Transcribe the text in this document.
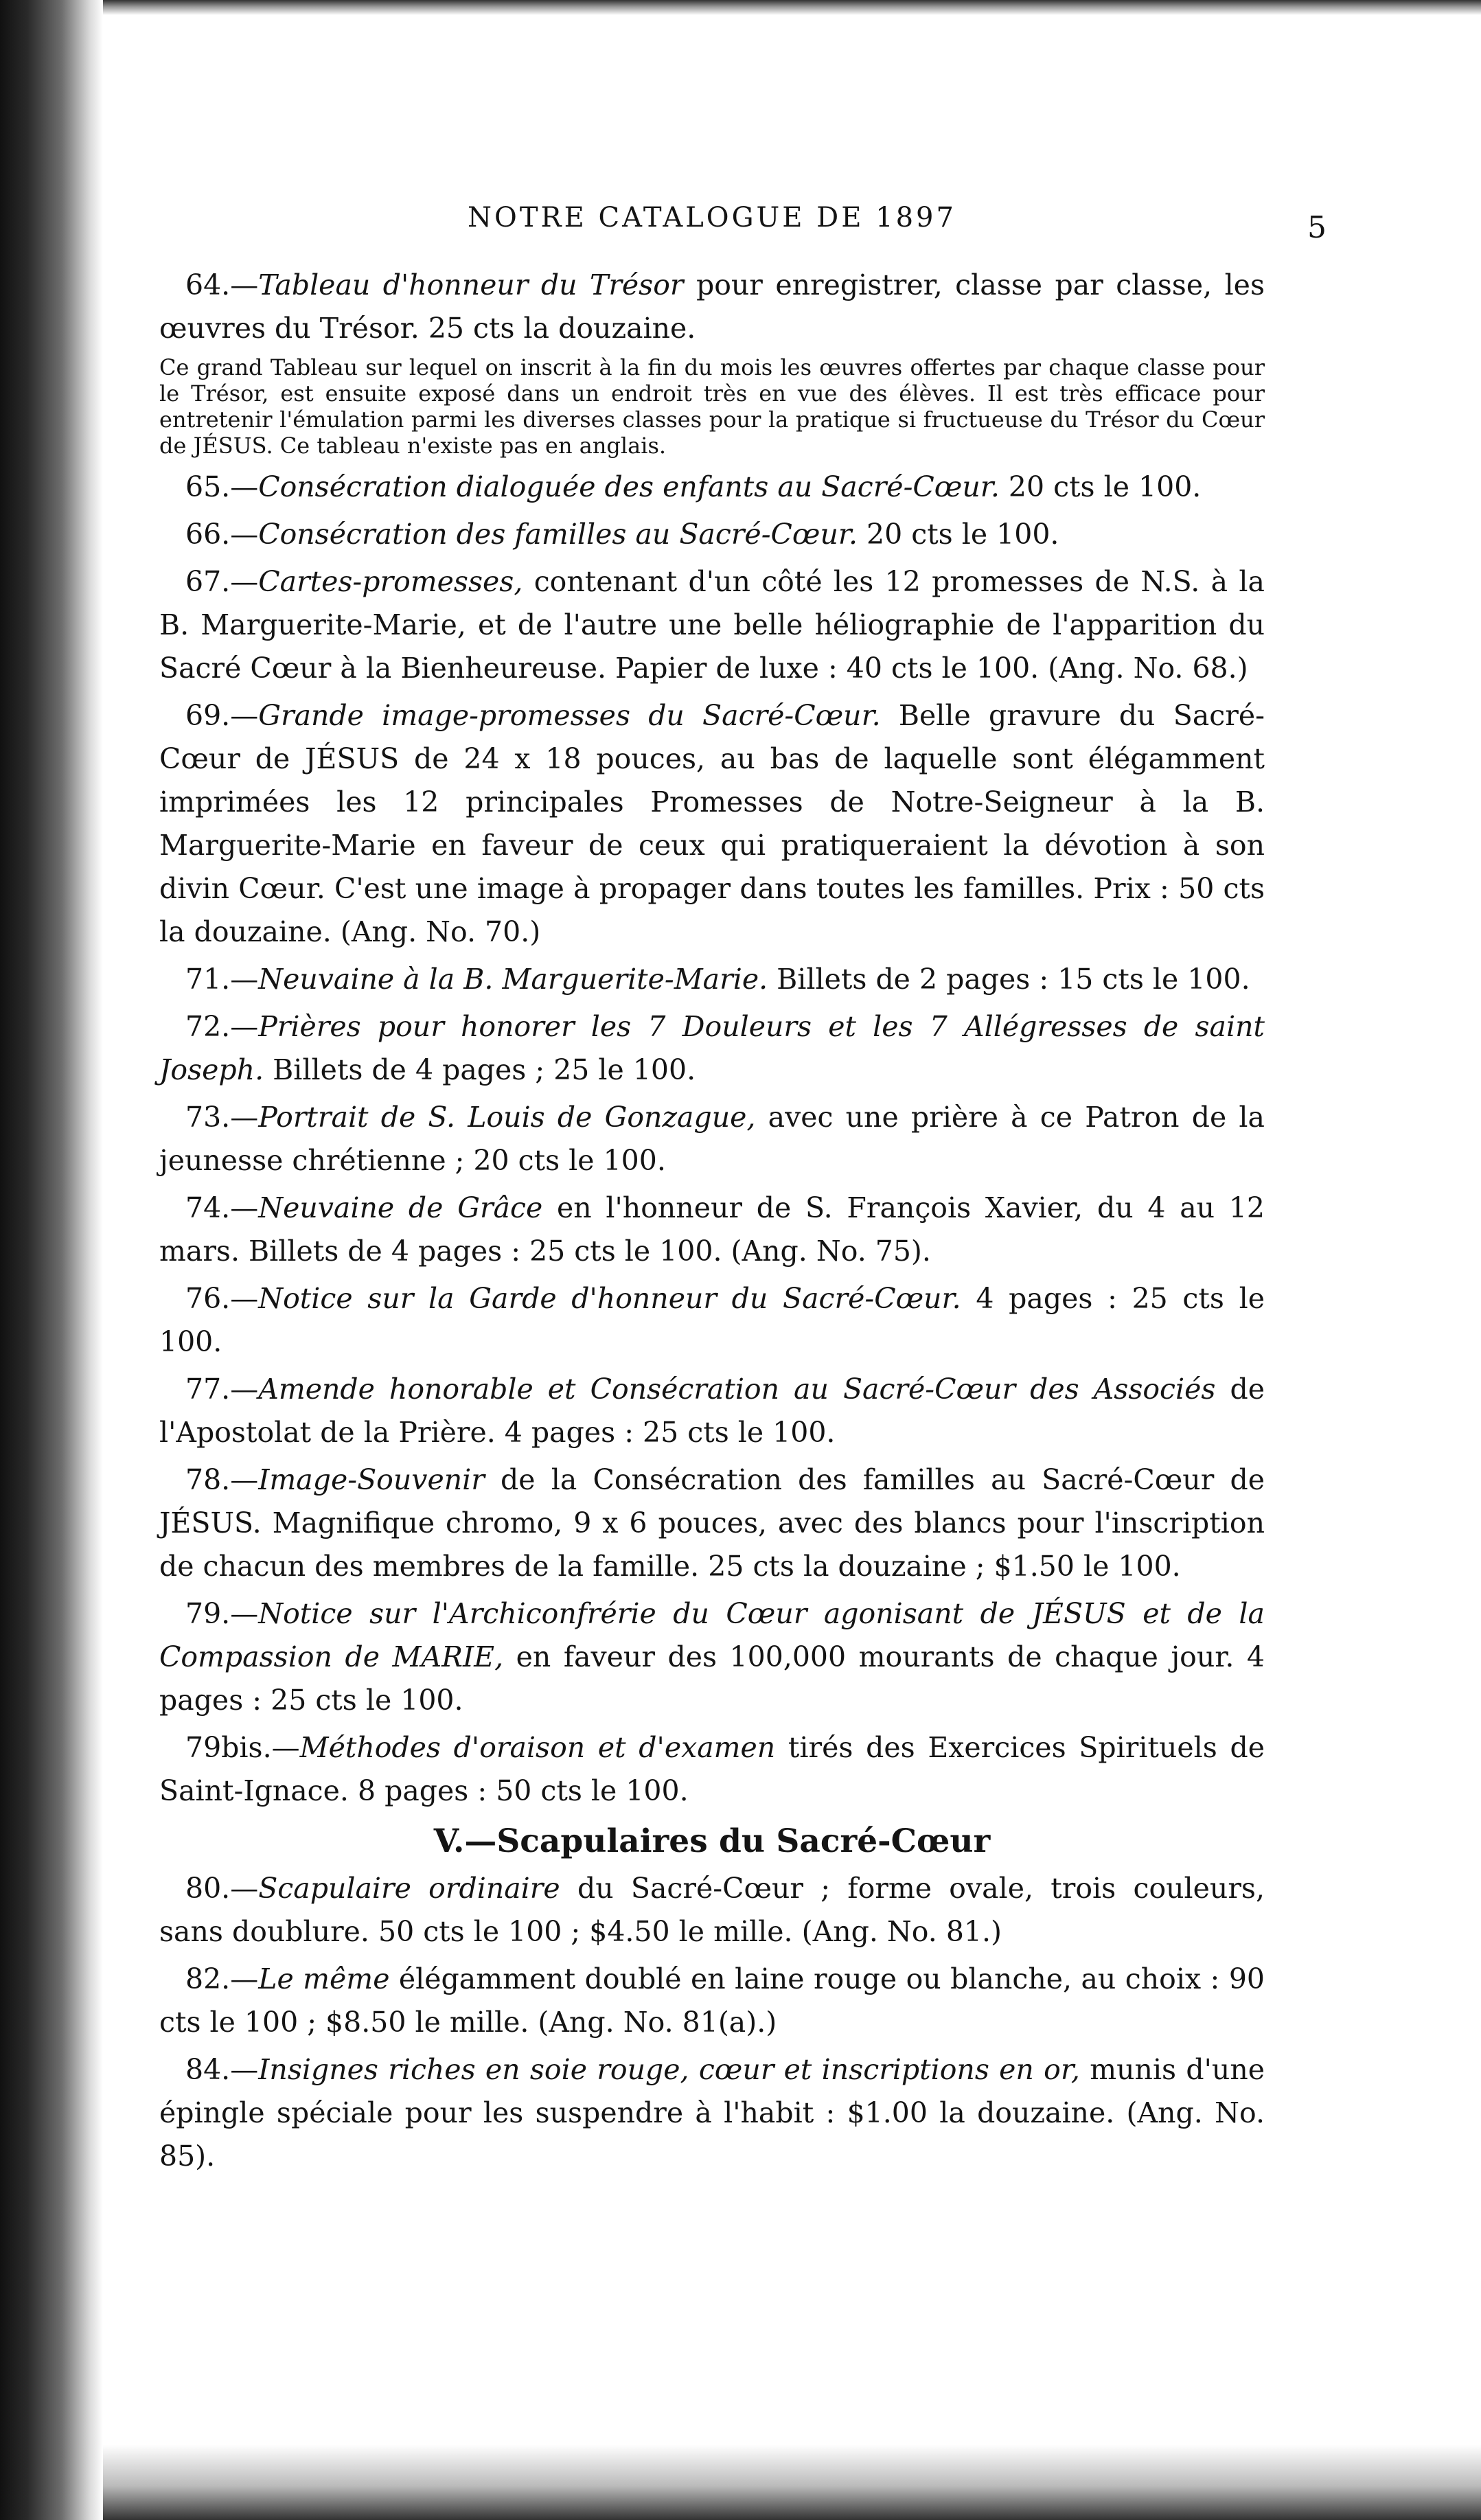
NOTRE CATALOGUE DE 1897	5

64.—Tableau d'honneur du Trésor pour enregistrer, classe par classe, les œuvres du Trésor. 25 cts la douzaine.

Ce grand Tableau sur lequel on inscrit à la fin du mois les œuvres offertes par chaque classe pour le Trésor, est ensuite exposé dans un endroit très en vue des élèves. Il est très efficace pour entretenir l'émulation parmi les diverses classes pour la pratique si fructueuse du Trésor du Cœur de JÉSUS. Ce tableau n'existe pas en anglais.

65.—Consécration dialoguée des enfants au Sacré-Cœur. 20 cts le 100.

66.—Consécration des familles au Sacré-Cœur. 20 cts le 100.

67.—Cartes-promesses, contenant d'un côté les 12 promesses de N.S. à la B. Marguerite-Marie, et de l'autre une belle héliographie de l'apparition du Sacré Cœur à la Bienheureuse. Papier de luxe : 40 cts le 100. (Ang. No. 68.)

69.—Grande image-promesses du Sacré-Cœur. Belle gravure du Sacré-Cœur de JÉSUS de 24 x 18 pouces, au bas de laquelle sont élégamment imprimées les 12 principales Promesses de Notre-Seigneur à la B. Marguerite-Marie en faveur de ceux qui pratiqueraient la dévotion à son divin Cœur. C'est une image à propager dans toutes les familles. Prix : 50 cts la douzaine. (Ang. No. 70.)

71.—Neuvaine à la B. Marguerite-Marie. Billets de 2 pages : 15 cts le 100.

72.—Prières pour honorer les 7 Douleurs et les 7 Allégresses de saint Joseph. Billets de 4 pages ; 25 le 100.

73.—Portrait de S. Louis de Gonzague, avec une prière à ce Patron de la jeunesse chrétienne ; 20 cts le 100.

74.—Neuvaine de Grâce en l'honneur de S. François Xavier, du 4 au 12 mars. Billets de 4 pages : 25 cts le 100. (Ang. No. 75).

76.—Notice sur la Garde d'honneur du Sacré-Cœur. 4 pages : 25 cts le 100.

77.—Amende honorable et Consécration au Sacré-Cœur des Associés de l'Apostolat de la Prière. 4 pages : 25 cts le 100.

78.—Image-Souvenir de la Consécration des familles au Sacré-Cœur de JÉSUS. Magnifique chromo, 9 x 6 pouces, avec des blancs pour l'inscription de chacun des membres de la famille. 25 cts la douzaine ; $1.50 le 100.

79.—Notice sur l'Archiconfrérie du Cœur agonisant de JÉSUS et de la Compassion de MARIE, en faveur des 100,000 mourants de chaque jour. 4 pages : 25 cts le 100.

79bis.—Méthodes d'oraison et d'examen tirés des Exercices Spirituels de Saint-Ignace. 8 pages : 50 cts le 100.

V.—Scapulaires du Sacré-Cœur

80.—Scapulaire ordinaire du Sacré-Cœur ; forme ovale, trois couleurs, sans doublure. 50 cts le 100 ; $4.50 le mille. (Ang. No. 81.)

82.—Le même élégamment doublé en laine rouge ou blanche, au choix : 90 cts le 100 ; $8.50 le mille. (Ang. No. 81(a).)

84.—Insignes riches en soie rouge, cœur et inscriptions en or, munis d'une épingle spéciale pour les suspendre à l'habit : $1.00 la douzaine. (Ang. No. 85).
